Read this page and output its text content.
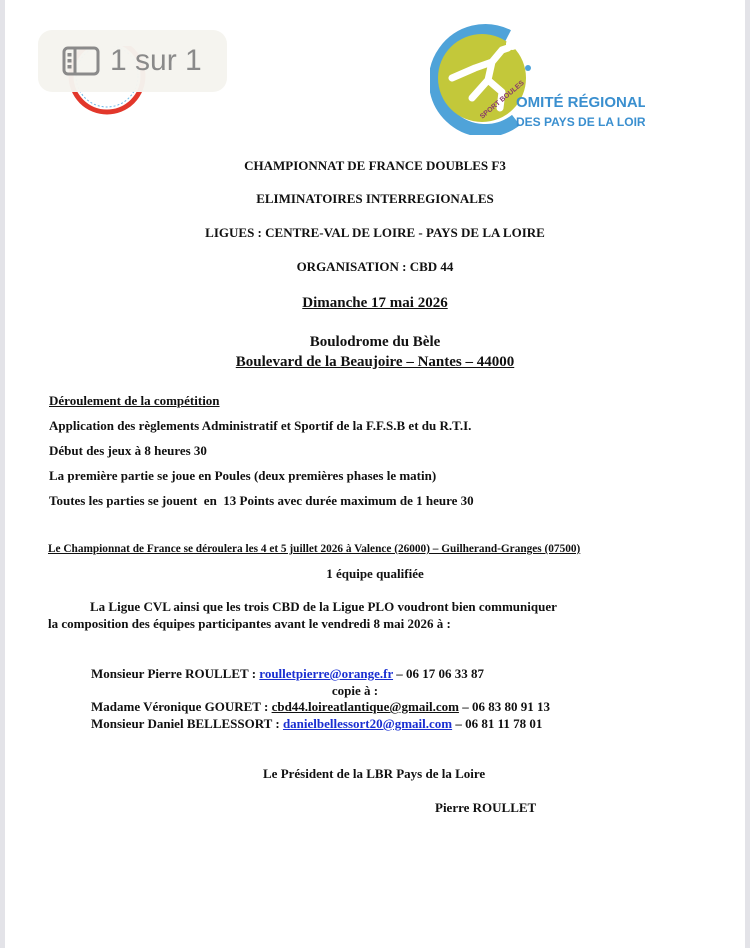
OMITÉ RÉGIONAL
DES PAYS DE LA LOIRE
SPORT BOULES
1 sur 1
CHAMPIONNAT DE FRANCE DOUBLES F3
ELIMINATOIRES INTERREGIONALES
LIGUES : CENTRE-VAL DE LOIRE - PAYS DE LA LOIRE
ORGANISATION : CBD 44
Dimanche 17 mai 2026
Boulodrome du Bèle
Boulevard de la Beaujoire – Nantes – 44000
Déroulement de la compétition
Application des règlements Administratif et Sportif de la F.F.S.B et du R.T.I.
Début des jeux à 8 heures 30
La première partie se joue en Poules (deux premières phases le matin)
Toutes les parties se jouent  en  13 Points avec durée maximum de 1 heure 30
Le Championnat de France se déroulera les 4 et 5 juillet 2026 à Valence (26000) – Guilherand-Granges (07500)
1 équipe qualifiée
La Ligue CVL ainsi que les trois CBD de la Ligue PLO voudront bien communiquer
la composition des équipes participantes avant le vendredi 8 mai 2026 à :
Monsieur Pierre ROULLET : roulletpierre@orange.fr – 06 17 06 33 87
copie à :
Madame Véronique GOURET : cbd44.loireatlantique@gmail.com – 06 83 80 91 13
Monsieur Daniel BELLESSORT : danielbellessort20@gmail.com – 06 81 11 78 01
Le Président de la LBR Pays de la Loire
Pierre ROULLET
